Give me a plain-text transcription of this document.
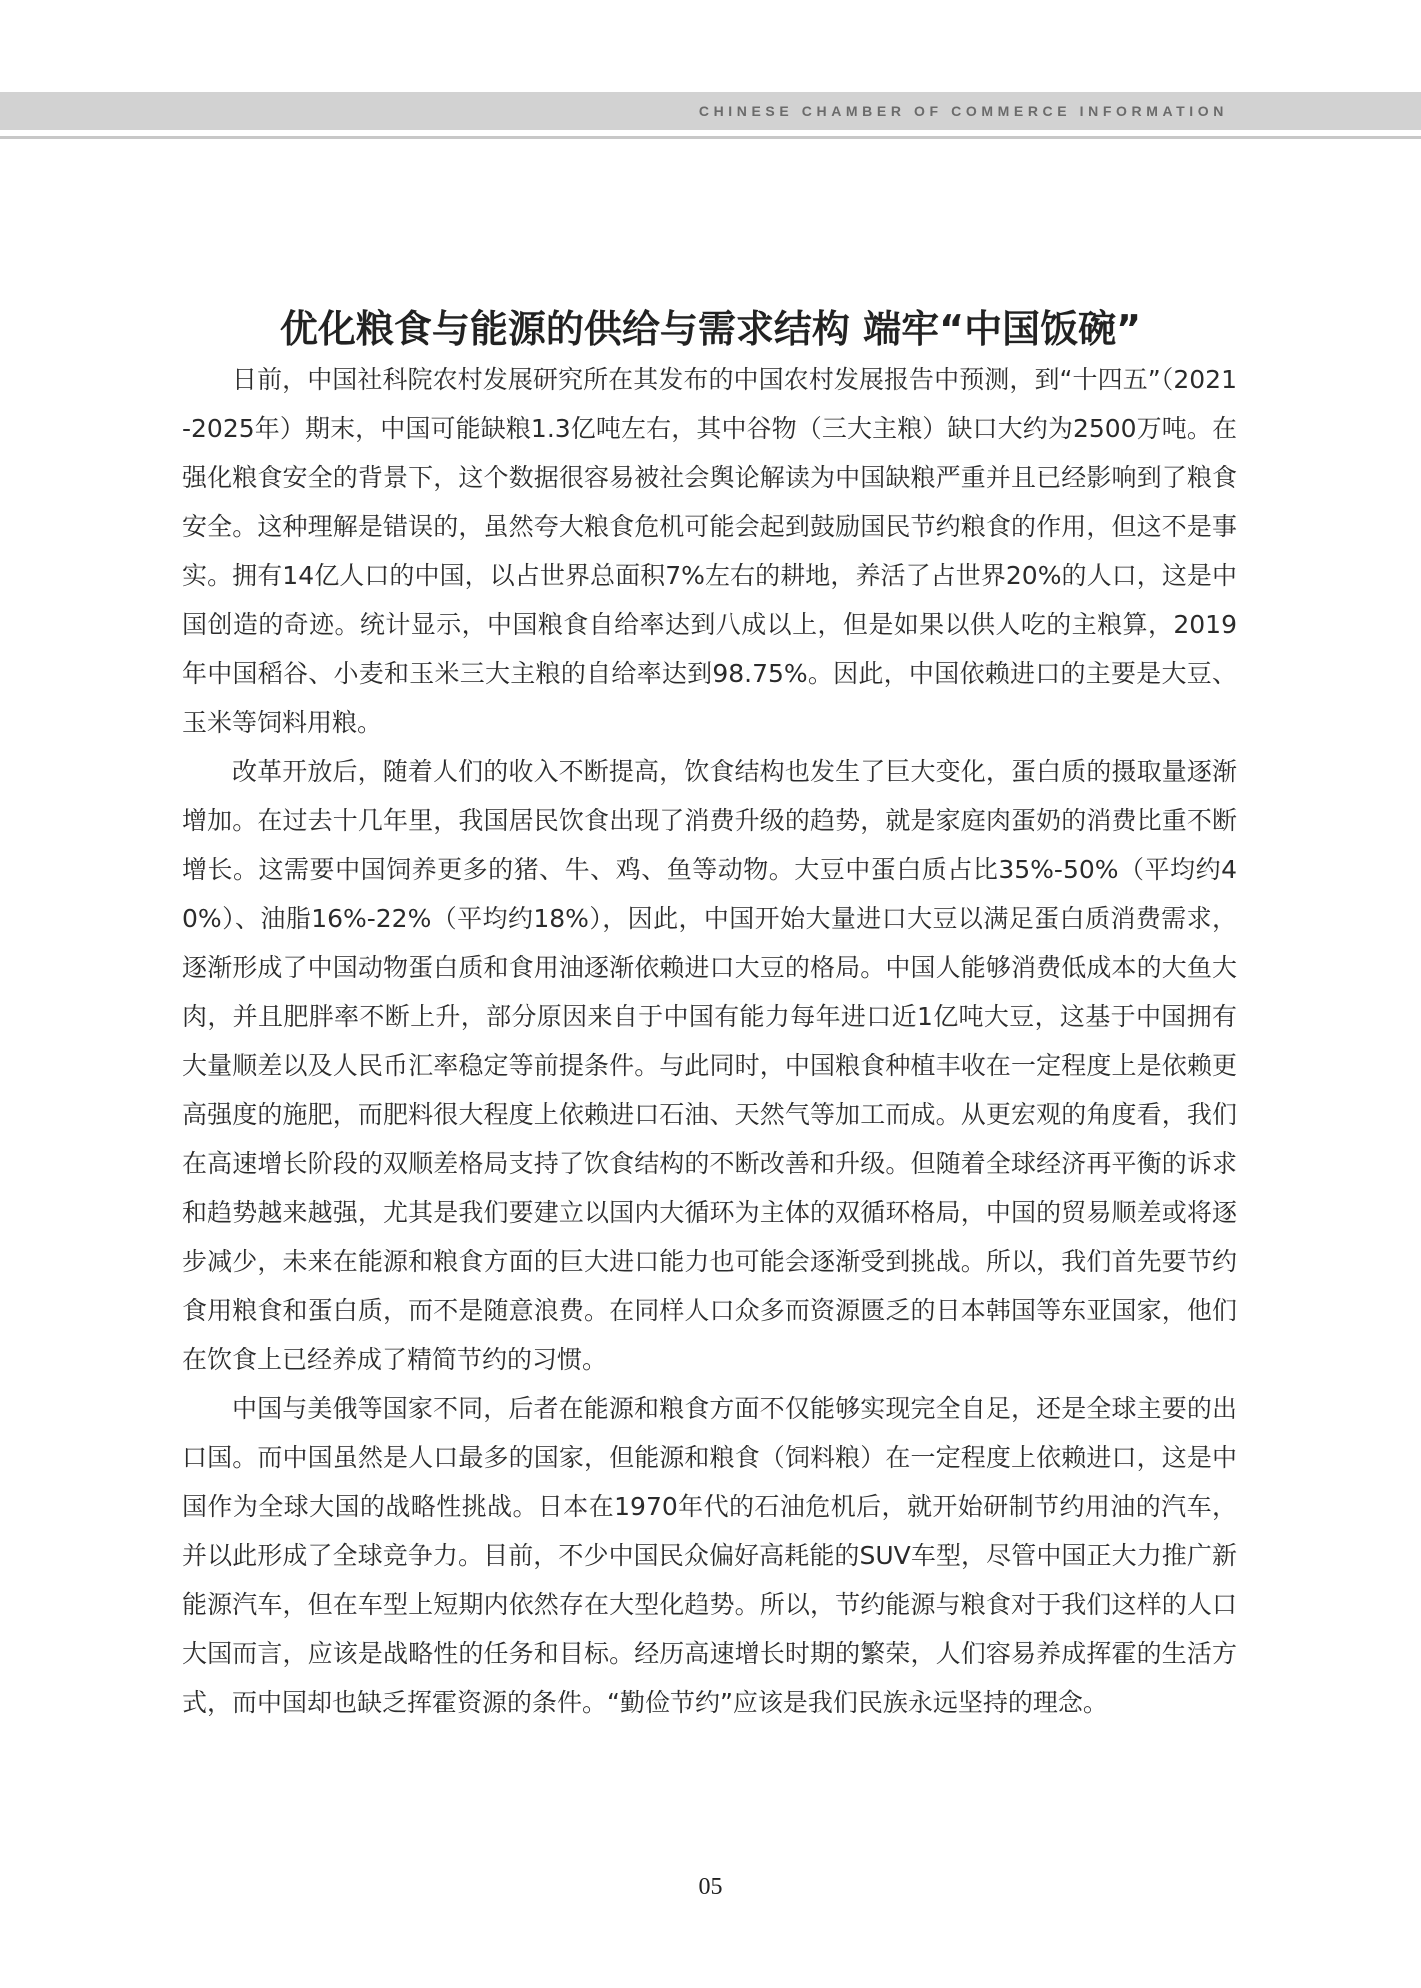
CHINESE CHAMBER OF COMMERCE INFORMATION
优化粮食与能源的供给与需求结构 端牢“中国饭碗”

日前，中国社科院农村发展研究所在其发布的中国农村发展报告中预测，到“十四五”（2021-2025年）期末，中国可能缺粮1.3亿吨左右，其中谷物（三大主粮）缺口大约为2500万吨。在强化粮食安全的背景下，这个数据很容易被社会舆论解读为中国缺粮严重并且已经影响到了粮食安全。这种理解是错误的，虽然夸大粮食危机可能会起到鼓励国民节约粮食的作用，但这不是事实。拥有14亿人口的中国，以占世界总面积7%左右的耕地，养活了占世界20%的人口，这是中国创造的奇迹。统计显示，中国粮食自给率达到八成以上，但是如果以供人吃的主粮算，2019年中国稻谷、小麦和玉米三大主粮的自给率达到98.75%。因此，中国依赖进口的主要是大豆、玉米等饲料用粮。

改革开放后，随着人们的收入不断提高，饮食结构也发生了巨大变化，蛋白质的摄取量逐渐增加。在过去十几年里，我国居民饮食出现了消费升级的趋势，就是家庭肉蛋奶的消费比重不断增长。这需要中国饲养更多的猪、牛、鸡、鱼等动物。大豆中蛋白质占比35%-50%（平均约40%）、油脂16%-22%（平均约18%），因此，中国开始大量进口大豆以满足蛋白质消费需求，逐渐形成了中国动物蛋白质和食用油逐渐依赖进口大豆的格局。中国人能够消费低成本的大鱼大肉，并且肥胖率不断上升，部分原因来自于中国有能力每年进口近1亿吨大豆，这基于中国拥有大量顺差以及人民币汇率稳定等前提条件。与此同时，中国粮食种植丰收在一定程度上是依赖更高强度的施肥，而肥料很大程度上依赖进口石油、天然气等加工而成。从更宏观的角度看，我们在高速增长阶段的双顺差格局支持了饮食结构的不断改善和升级。但随着全球经济再平衡的诉求和趋势越来越强，尤其是我们要建立以国内大循环为主体的双循环格局，中国的贸易顺差或将逐步减少，未来在能源和粮食方面的巨大进口能力也可能会逐渐受到挑战。所以，我们首先要节约食用粮食和蛋白质，而不是随意浪费。在同样人口众多而资源匮乏的日本韩国等东亚国家，他们在饮食上已经养成了精简节约的习惯。

中国与美俄等国家不同，后者在能源和粮食方面不仅能够实现完全自足，还是全球主要的出口国。而中国虽然是人口最多的国家，但能源和粮食（饲料粮）在一定程度上依赖进口，这是中国作为全球大国的战略性挑战。日本在1970年代的石油危机后，就开始研制节约用油的汽车，并以此形成了全球竞争力。目前，不少中国民众偏好高耗能的SUV车型，尽管中国正大力推广新能源汽车，但在车型上短期内依然存在大型化趋势。所以，节约能源与粮食对于我们这样的人口大国而言，应该是战略性的任务和目标。经历高速增长时期的繁荣，人们容易养成挥霍的生活方式，而中国却也缺乏挥霍资源的条件。“勤俭节约”应该是我们民族永远坚持的理念。

05
